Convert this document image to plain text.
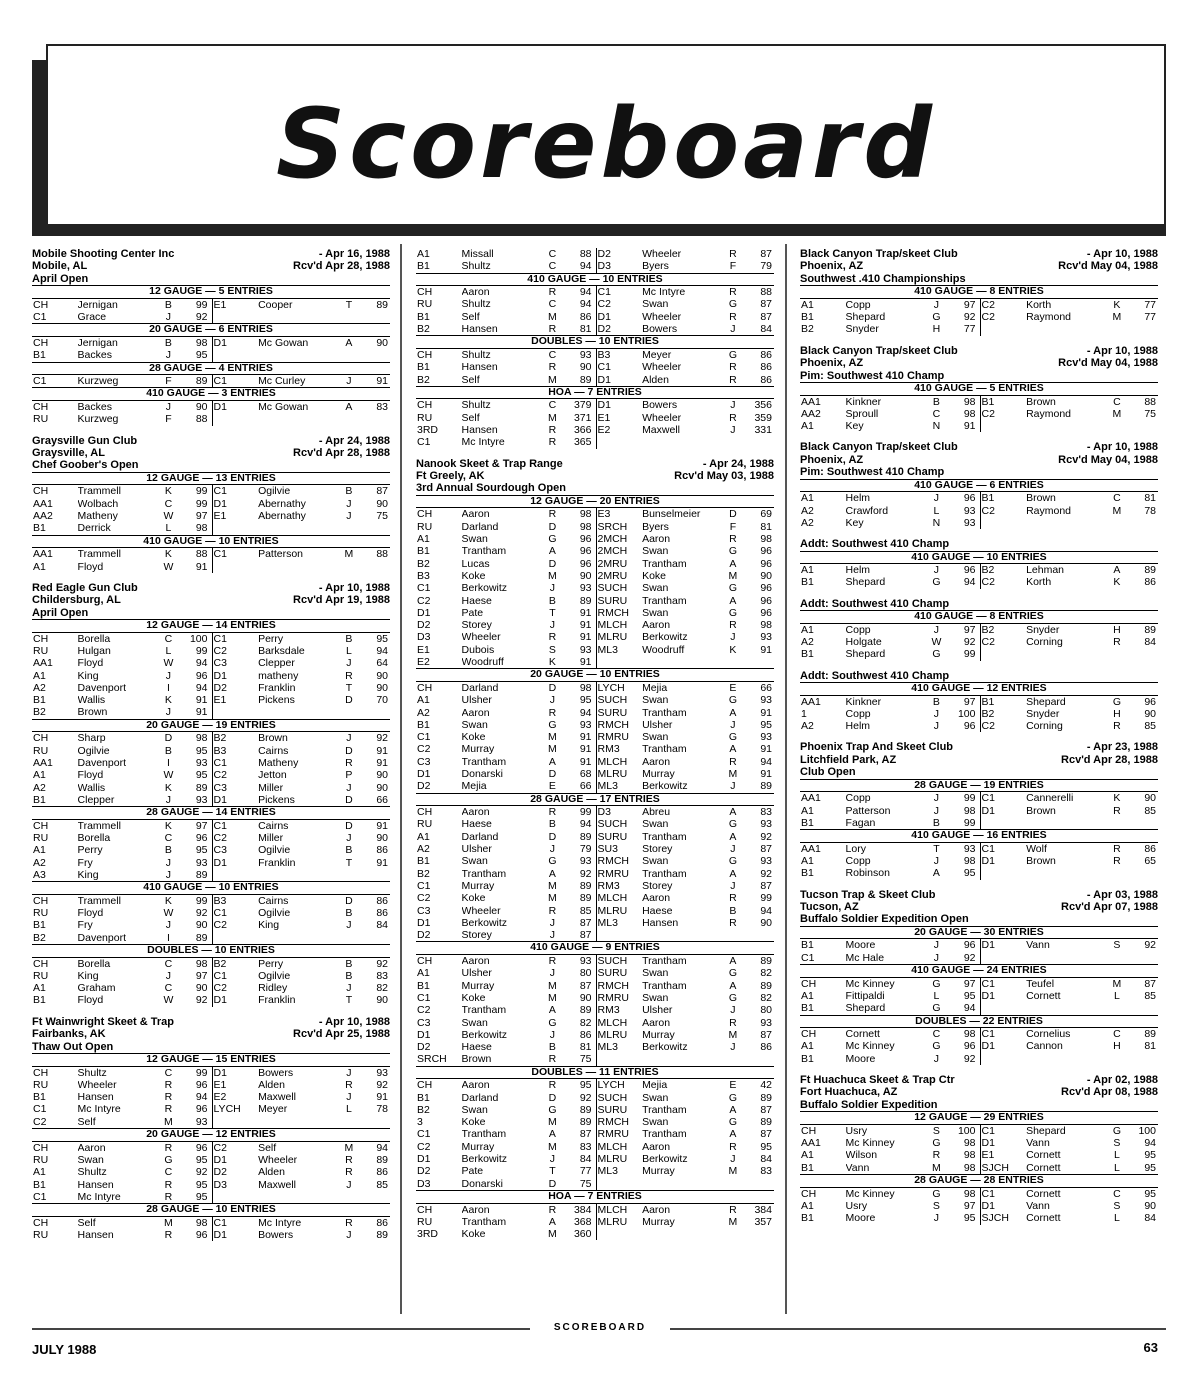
Scoreboard
Mobile Shooting Center Inc	- Apr 16, 1988
Mobile, AL	Rcv'd Apr 28, 1988
April Open
12 GAUGE — 5 ENTRIES
CH	Jernigan	B	99	E1	Cooper	T	89
C1	Grace	J	92				
20 GAUGE — 6 ENTRIES
CH	Jernigan	B	98	D1	Mc Gowan	A	90
B1	Backes	J	95				
28 GAUGE — 4 ENTRIES
C1	Kurzweg	F	89	C1	Mc Curley	J	91
410 GAUGE — 3 ENTRIES
CH	Backes	J	90	D1	Mc Gowan	A	83
RU	Kurzweg	F	88				
Graysville Gun Club	- Apr 24, 1988
Graysville, AL	Rcv'd Apr 28, 1988
Chef Goober's Open
12 GAUGE — 13 ENTRIES
CH	Trammell	K	99	C1	Ogilvie	B	87
AA1	Wolbach	C	99	D1	Abernathy	J	90
AA2	Matheny	W	97	E1	Abernathy	J	75
B1	Derrick	L	98				
410 GAUGE — 10 ENTRIES
AA1	Trammell	K	88	C1	Patterson	M	88
A1	Floyd	W	91				
Red Eagle Gun Club	- Apr 10, 1988
Childersburg, AL	Rcv'd Apr 19, 1988
April Open
12 GAUGE — 14 ENTRIES
CH	Borella	C	100	C1	Perry	B	95
RU	Hulgan	L	99	C2	Barksdale	L	94
AA1	Floyd	W	94	C3	Clepper	J	64
A1	King	J	96	D1	matheny	R	90
A2	Davenport	I	94	D2	Franklin	T	90
B1	Wallis	K	91	E1	Pickens	D	70
B2	Brown	J	91				
20 GAUGE — 19 ENTRIES
CH	Sharp	D	98	B2	Brown	J	92
RU	Ogilvie	B	95	B3	Cairns	D	91
AA1	Davenport	I	93	C1	Matheny	R	91
A1	Floyd	W	95	C2	Jetton	P	90
A2	Wallis	K	89	C3	Miller	J	90
B1	Clepper	J	93	D1	Pickens	D	66
28 GAUGE — 14 ENTRIES
CH	Trammell	K	97	C1	Cairns	D	91
RU	Borella	C	96	C2	Miller	J	90
A1	Perry	B	95	C3	Ogilvie	B	86
A2	Fry	J	93	D1	Franklin	T	91
A3	King	J	89				
410 GAUGE — 10 ENTRIES
CH	Trammell	K	99	B3	Cairns	D	86
RU	Floyd	W	92	C1	Ogilvie	B	86
B1	Fry	J	90	C2	King	J	84
B2	Davenport	I	89				
DOUBLES — 10 ENTRIES
CH	Borella	C	98	B2	Perry	B	92
RU	King	J	97	C1	Ogilvie	B	83
A1	Graham	C	90	C2	Ridley	J	82
B1	Floyd	W	92	D1	Franklin	T	90
Ft Wainwright Skeet & Trap	- Apr 10, 1988
Fairbanks, AK	Rcv'd Apr 25, 1988
Thaw Out Open
12 GAUGE — 15 ENTRIES
CH	Shultz	C	99	D1	Bowers	J	93
RU	Wheeler	R	96	E1	Alden	R	92
B1	Hansen	R	94	E2	Maxwell	J	91
C1	Mc Intyre	R	96	LYCH	Meyer	L	78
C2	Self	M	93				
20 GAUGE — 12 ENTRIES
CH	Aaron	R	96	C2	Self	M	94
RU	Swan	G	95	D1	Wheeler	R	89
A1	Shultz	C	92	D2	Alden	R	86
B1	Hansen	R	95	D3	Maxwell	J	85
C1	Mc Intyre	R	95				
28 GAUGE — 10 ENTRIES
CH	Self	M	98	C1	Mc Intyre	R	86
RU	Hansen	R	96	D1	Bowers	J	89
A1	Missall	C	88	D2	Wheeler	R	87
B1	Shultz	C	94	D3	Byers	F	79
410 GAUGE — 10 ENTRIES
CH	Aaron	R	94	C1	Mc Intyre	R	88
RU	Shultz	C	94	C2	Swan	G	87
B1	Self	M	86	D1	Wheeler	R	87
B2	Hansen	R	81	D2	Bowers	J	84
DOUBLES — 10 ENTRIES
CH	Shultz	C	93	B3	Meyer	G	86
B1	Hansen	R	90	C1	Wheeler	R	86
B2	Self	M	89	D1	Alden	R	86
HOA — 7 ENTRIES
CH	Shultz	C	379	D1	Bowers	J	356
RU	Self	M	371	E1	Wheeler	R	359
3RD	Hansen	R	366	E2	Maxwell	J	331
C1	Mc Intyre	R	365				
Nanook Skeet & Trap Range	- Apr 24, 1988
Ft Greely, AK	Rcv'd May 03, 1988
3rd Annual Sourdough Open
12 GAUGE — 20 ENTRIES
CH	Aaron	R	98	E3	Bunselmeier	D	69
RU	Darland	D	98	SRCH	Byers	F	81
A1	Swan	G	96	2MCH	Aaron	R	98
B1	Trantham	A	96	2MCH	Swan	G	96
B2	Lucas	D	96	2MRU	Trantham	A	96
B3	Koke	M	90	2MRU	Koke	M	90
C1	Berkowitz	J	93	SUCH	Swan	G	96
C2	Haese	B	89	SURU	Trantham	A	96
D1	Pate	T	91	RMCH	Swan	G	96
D2	Storey	J	91	MLCH	Aaron	R	98
D3	Wheeler	R	91	MLRU	Berkowitz	J	93
E1	Dubois	S	93	ML3	Woodruff	K	91
E2	Woodruff	K	91				
20 GAUGE — 10 ENTRIES
CH	Darland	D	98	LYCH	Mejia	E	66
A1	Ulsher	J	95	SUCH	Swan	G	93
A2	Aaron	R	94	SURU	Trantham	A	91
B1	Swan	G	93	RMCH	Ulsher	J	95
C1	Koke	M	91	RMRU	Swan	G	93
C2	Murray	M	91	RM3	Trantham	A	91
C3	Trantham	A	91	MLCH	Aaron	R	94
D1	Donarski	D	68	MLRU	Murray	M	91
D2	Mejia	E	66	ML3	Berkowitz	J	89
28 GAUGE — 17 ENTRIES
CH	Aaron	R	99	D3	Abreu	A	83
RU	Haese	B	94	SUCH	Swan	G	93
A1	Darland	D	89	SURU	Trantham	A	92
A2	Ulsher	J	79	SU3	Storey	J	87
B1	Swan	G	93	RMCH	Swan	G	93
B2	Trantham	A	92	RMRU	Trantham	A	92
C1	Murray	M	89	RM3	Storey	J	87
C2	Koke	M	89	MLCH	Aaron	R	99
C3	Wheeler	R	85	MLRU	Haese	B	94
D1	Berkowitz	J	87	ML3	Hansen	R	90
D2	Storey	J	87				
410 GAUGE — 9 ENTRIES
CH	Aaron	R	93	SUCH	Trantham	A	89
A1	Ulsher	J	80	SURU	Swan	G	82
B1	Murray	M	87	RMCH	Trantham	A	89
C1	Koke	M	90	RMRU	Swan	G	82
C2	Trantham	A	89	RM3	Ulsher	J	80
C3	Swan	G	82	MLCH	Aaron	R	93
D1	Berkowitz	J	86	MLRU	Murray	M	87
D2	Haese	B	81	ML3	Berkowitz	J	86
SRCH	Brown	R	75				
DOUBLES — 11 ENTRIES
CH	Aaron	R	95	LYCH	Mejia	E	42
B1	Darland	D	92	SUCH	Swan	G	89
B2	Swan	G	89	SURU	Trantham	A	87
3	Koke	M	89	RMCH	Swan	G	89
C1	Trantham	A	87	RMRU	Trantham	A	87
C2	Murray	M	83	MLCH	Aaron	R	95
D1	Berkowitz	J	84	MLRU	Berkowitz	J	84
D2	Pate	T	77	ML3	Murray	M	83
D3	Donarski	D	75				
HOA — 7 ENTRIES
CH	Aaron	R	384	MLCH	Aaron	R	384
RU	Trantham	A	368	MLRU	Murray	M	357
3RD	Koke	M	360				
Black Canyon Trap/skeet Club	- Apr 10, 1988
Phoenix, AZ	Rcv'd May 04, 1988
Southwest .410 Championships
410 GAUGE — 8 ENTRIES
A1	Copp	J	97	C2	Korth	K	77
B1	Shepard	G	92	C2	Raymond	M	77
B2	Snyder	H	77				
Black Canyon Trap/skeet Club	- Apr 10, 1988
Phoenix, AZ	Rcv'd May 04, 1988
Pim: Southwest 410 Champ
410 GAUGE — 5 ENTRIES
AA1	Kinkner	B	98	B1	Brown	C	88
AA2	Sproull	C	98	C2	Raymond	M	75
A1	Key	N	91				
Black Canyon Trap/skeet Club	- Apr 10, 1988
Phoenix, AZ	Rcv'd May 04, 1988
Pim: Southwest 410 Champ
410 GAUGE — 6 ENTRIES
A1	Helm	J	96	B1	Brown	C	81
A2	Crawford	L	93	C2	Raymond	M	78
A2	Key	N	93				
Addt: Southwest 410 Champ
410 GAUGE — 10 ENTRIES
A1	Helm	J	96	B2	Lehman	A	89
B1	Shepard	G	94	C2	Korth	K	86
Addt: Southwest 410 Champ
410 GAUGE — 8 ENTRIES
A1	Copp	J	97	B2	Snyder	H	89
A2	Holgate	W	92	C2	Corning	R	84
B1	Shepard	G	99				
Addt: Southwest 410 Champ
410 GAUGE — 12 ENTRIES
AA1	Kinkner	B	97	B1	Shepard	G	96
1	Copp	J	100	B2	Snyder	H	90
A2	Helm	J	96	C2	Corning	R	85
Phoenix Trap And Skeet Club	- Apr 23, 1988
Litchfield Park, AZ	Rcv'd Apr 28, 1988
Club Open
28 GAUGE — 19 ENTRIES
AA1	Copp	J	99	C1	Cannerelli	K	90
A1	Patterson	J	98	D1	Brown	R	85
B1	Fagan	B	99				
410 GAUGE — 16 ENTRIES
AA1	Lory	T	93	C1	Wolf	R	86
A1	Copp	J	98	D1	Brown	R	65
B1	Robinson	A	95				
Tucson Trap & Skeet Club	- Apr 03, 1988
Tucson, AZ	Rcv'd Apr 07, 1988
Buffalo Soldier Expedition Open
20 GAUGE — 30 ENTRIES
B1	Moore	J	96	D1	Vann	S	92
C1	Mc Hale	J	92				
410 GAUGE — 24 ENTRIES
CH	Mc Kinney	G	97	C1	Teufel	M	87
A1	Fittipaldi	L	95	D1	Cornett	L	85
B1	Shepard	G	94				
DOUBLES — 22 ENTRIES
CH	Cornett	C	98	C1	Cornelius	C	89
A1	Mc Kinney	G	96	D1	Cannon	H	81
B1	Moore	J	92				
Ft Huachuca Skeet & Trap Ctr	- Apr 02, 1988
Fort Huachuca, AZ	Rcv'd Apr 08, 1988
Buffalo Soldier Expedition
12 GAUGE — 29 ENTRIES
CH	Usry	S	100	C1	Shepard	G	100
AA1	Mc Kinney	G	98	D1	Vann	S	94
A1	Wilson	R	98	E1	Cornett	L	95
B1	Vann	M	98	SJCH	Cornett	L	95
28 GAUGE — 28 ENTRIES
CH	Mc Kinney	G	98	C1	Cornett	C	95
A1	Usry	S	97	D1	Vann	S	90
B1	Moore	J	95	SJCH	Cornett	L	84
SCOREBOARD
JULY 1988	63
